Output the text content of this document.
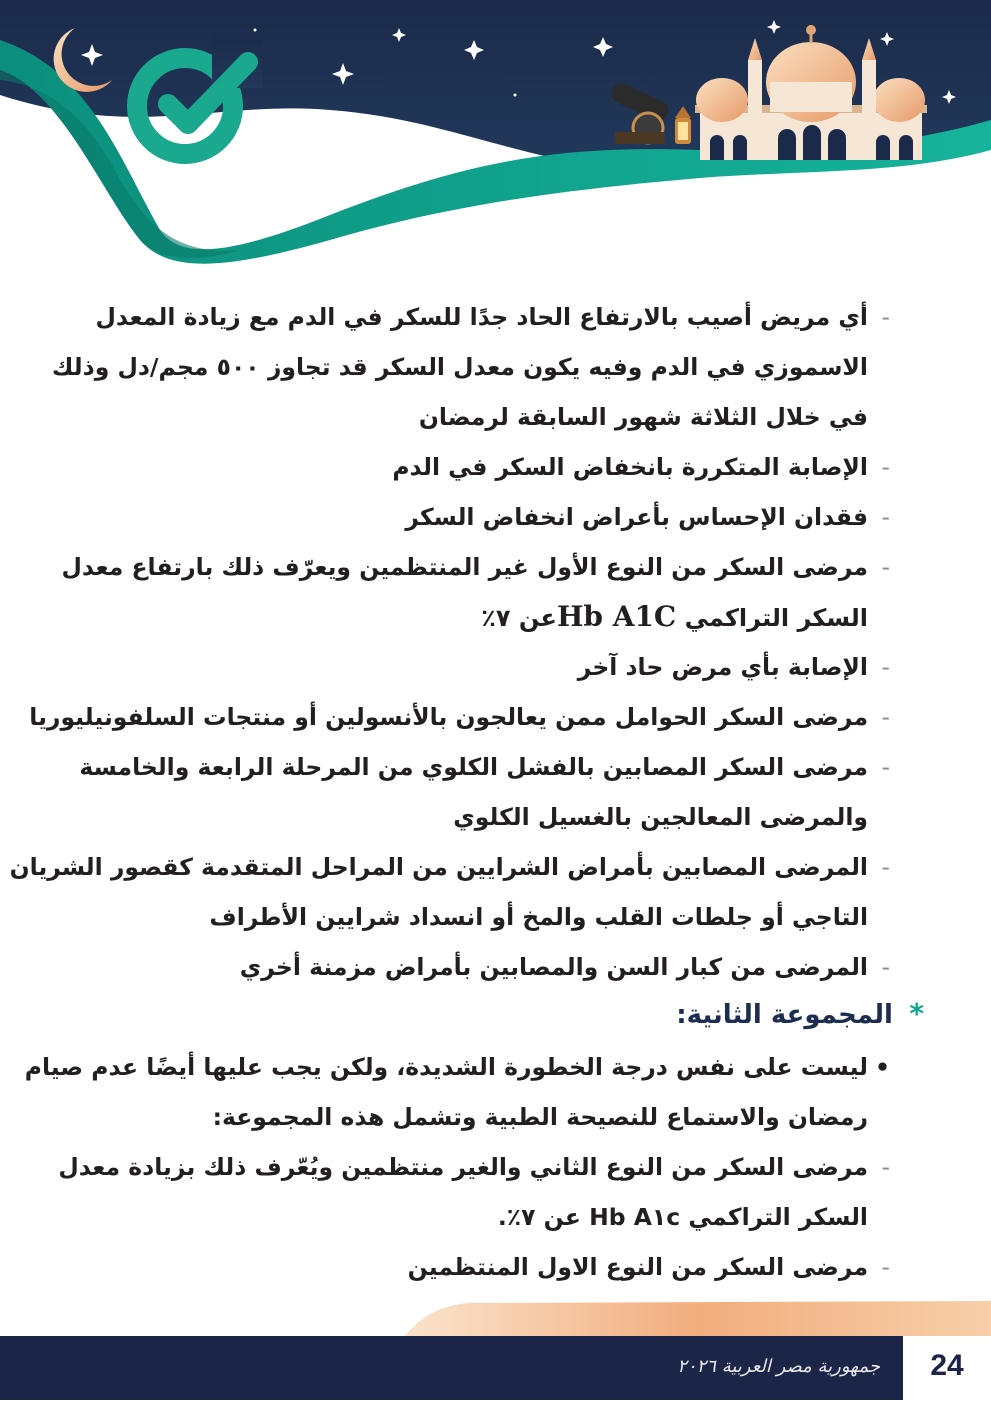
-أي مريض أصيب بالارتفاع الحاد جدًا للسكر في الدم مع زيادة المعدل
الاسموزي في الدم وفيه يكون معدل السكر قد تجاوز ٥٠٠ مجم/دل وذلك
في خلال الثلاثة شهور السابقة لرمضان
-الإصابة المتكررة بانخفاض السكر في الدم
-فقدان الإحساس بأعراض انخفاض السكر
-مرضى السكر من النوع الأول غير المنتظمين ويعرّف ذلك بارتفاع معدل
السكر التراكمي Hb A1Cعن ٧٪
-الإصابة بأي مرض حاد آخر
-مرضى السكر الحوامل ممن يعالجون بالأنسولين أو منتجات السلفونيليوريا
-مرضى السكر المصابين بالفشل الكلوي من المرحلة الرابعة والخامسة
والمرضى المعالجين بالغسيل الكلوي
-المرضى المصابين بأمراض الشرايين من المراحل المتقدمة كقصور الشريان
التاجي أو جلطات القلب والمخ أو انسداد شرايين الأطراف
-المرضى من كبار السن والمصابين بأمراض مزمنة أخري
* المجموعة الثانية:
•ليست على نفس درجة الخطورة الشديدة، ولكن يجب عليها أيضًا عدم صيام
رمضان والاستماع للنصيحة الطبية وتشمل هذه المجموعة:
-مرضى السكر من النوع الثاني والغير منتظمين ويُعّرف ذلك بزيادة معدل
السكر التراكمي Hb A١c عن ٧٪.
-مرضى السكر من النوع الاول المنتظمين
جمهورية مصر العربية ٢٠٢٦	24
